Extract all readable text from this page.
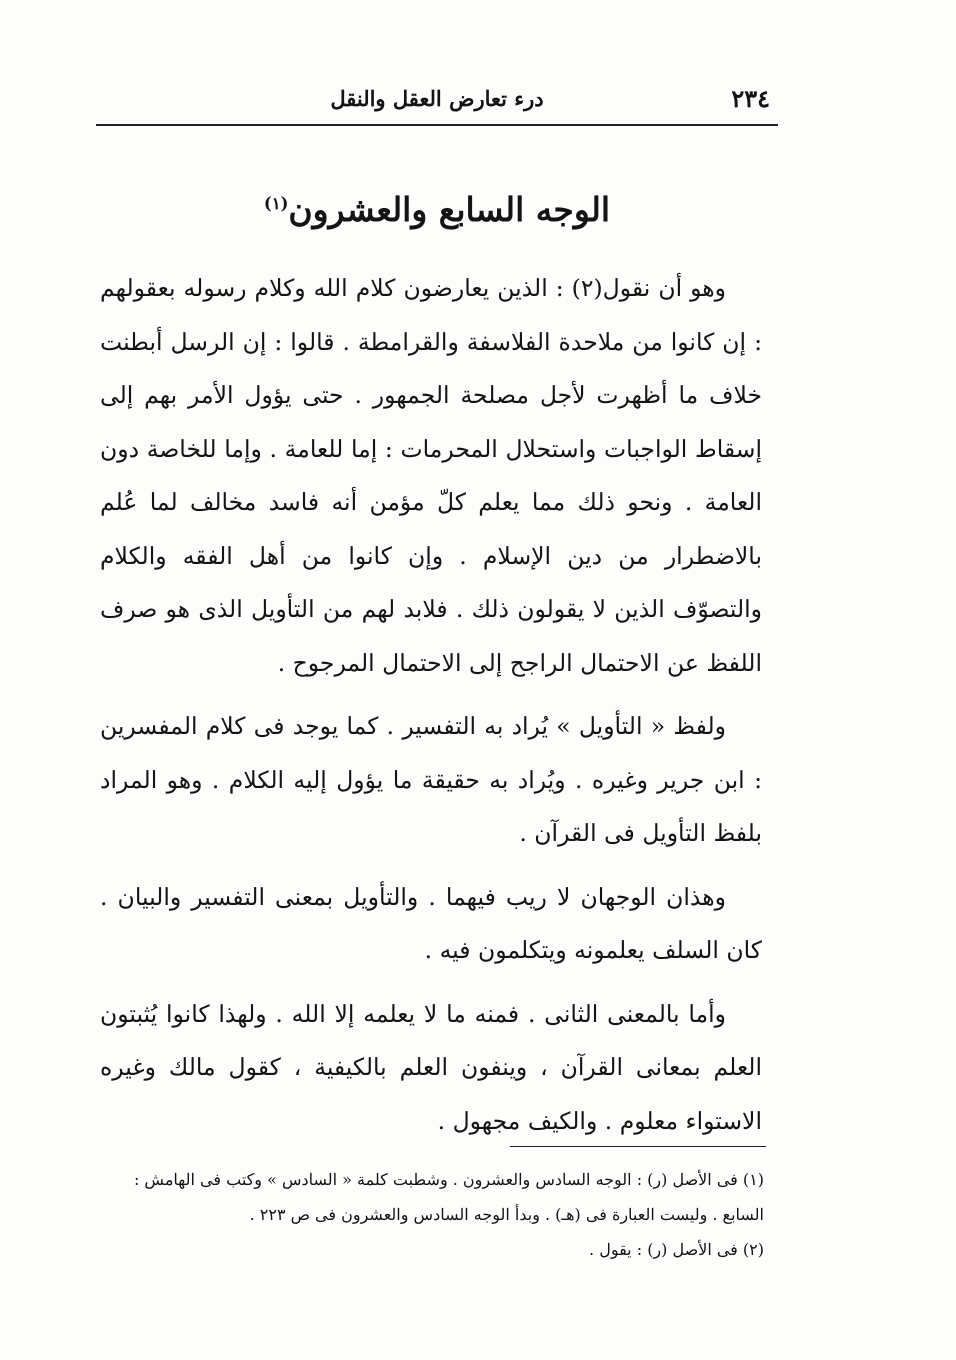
٢٣٤
درء تعارض العقل والنقل
الوجه السابع والعشرون$^{(١)}$

وهو أن نقول(٢) : الذين يعارضون كلام الله وكلام رسوله بعقولهم : إن كانوا من ملاحدة الفلاسفة والقرامطة . قالوا : إن الرسل أبطنت خلاف ما أظهرت لأجل مصلحة الجمهور . حتى يؤول الأمر بهم إلى إسقاط الواجبات واستحلال المحرمات : إما للعامة . وإما للخاصة دون العامة . ونحو ذلك مما يعلم كلّ مؤمن أنه فاسد مخالف لما عُلم بالاضطرار من دين الإسلام . وإن كانوا من أهل الفقه والكلام والتصوّف الذين لا يقولون ذلك . فلابد لهم من التأويل الذى هو صرف اللفظ عن الاحتمال الراجح إلى الاحتمال المرجوح .

ولفظ « التأويل » يُراد به التفسير . كما يوجد فى كلام المفسرين : ابن جرير وغيره . ويُراد به حقيقة ما يؤول إليه الكلام . وهو المراد بلفظ التأويل فى القرآن .

وهذان الوجهان لا ريب فيهما . والتأويل بمعنى التفسير والبيان . كان السلف يعلمونه ويتكلمون فيه .

وأما بالمعنى الثانى . فمنه ما لا يعلمه إلا الله . ولهذا كانوا يُثبتون العلم بمعانى القرآن ، وينفون العلم بالكيفية ، كقول مالك وغيره الاستواء معلوم . والكيف مجهول .

(١) فى الأصل (ر) : الوجه السادس والعشرون . وشطبت كلمة « السادس » وكتب فى الهامش : السابع . وليست العبارة فى (هـ) . وبدأ الوجه السادس والعشرون فى ص ٢٢٣ .

(٢) فى الأصل (ر) : يقول .
